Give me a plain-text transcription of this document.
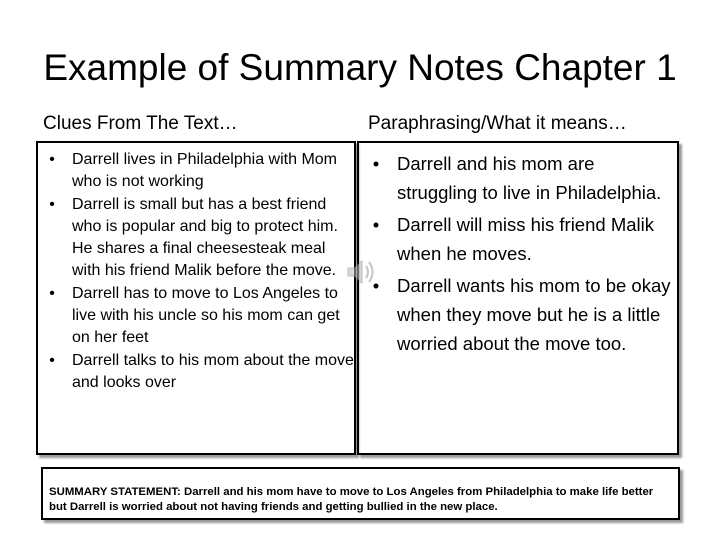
Example of Summary Notes Chapter 1
Clues From The Text…	Paraphrasing/What it means…
•	Darrell lives in Philadelphia with Mom who is not working
•	Darrell is small but has a best friend who is popular and big to protect him. He shares a final cheesesteak meal with his friend Malik before the move.
•	Darrell has to move to Los Angeles to live with his uncle so his mom can get on her feet
•	Darrell talks to his mom about the move and looks over
• Darrell and his mom are struggling to live in Philadelphia.
• Darrell will miss his friend Malik when he moves.
• Darrell wants his mom to be okay when they move but he is a little worried about the move too.
SUMMARY STATEMENT: Darrell and his mom have to move to Los Angeles from Philadelphia to make life better but Darrell is worried about not having friends and getting bullied in the new place.
